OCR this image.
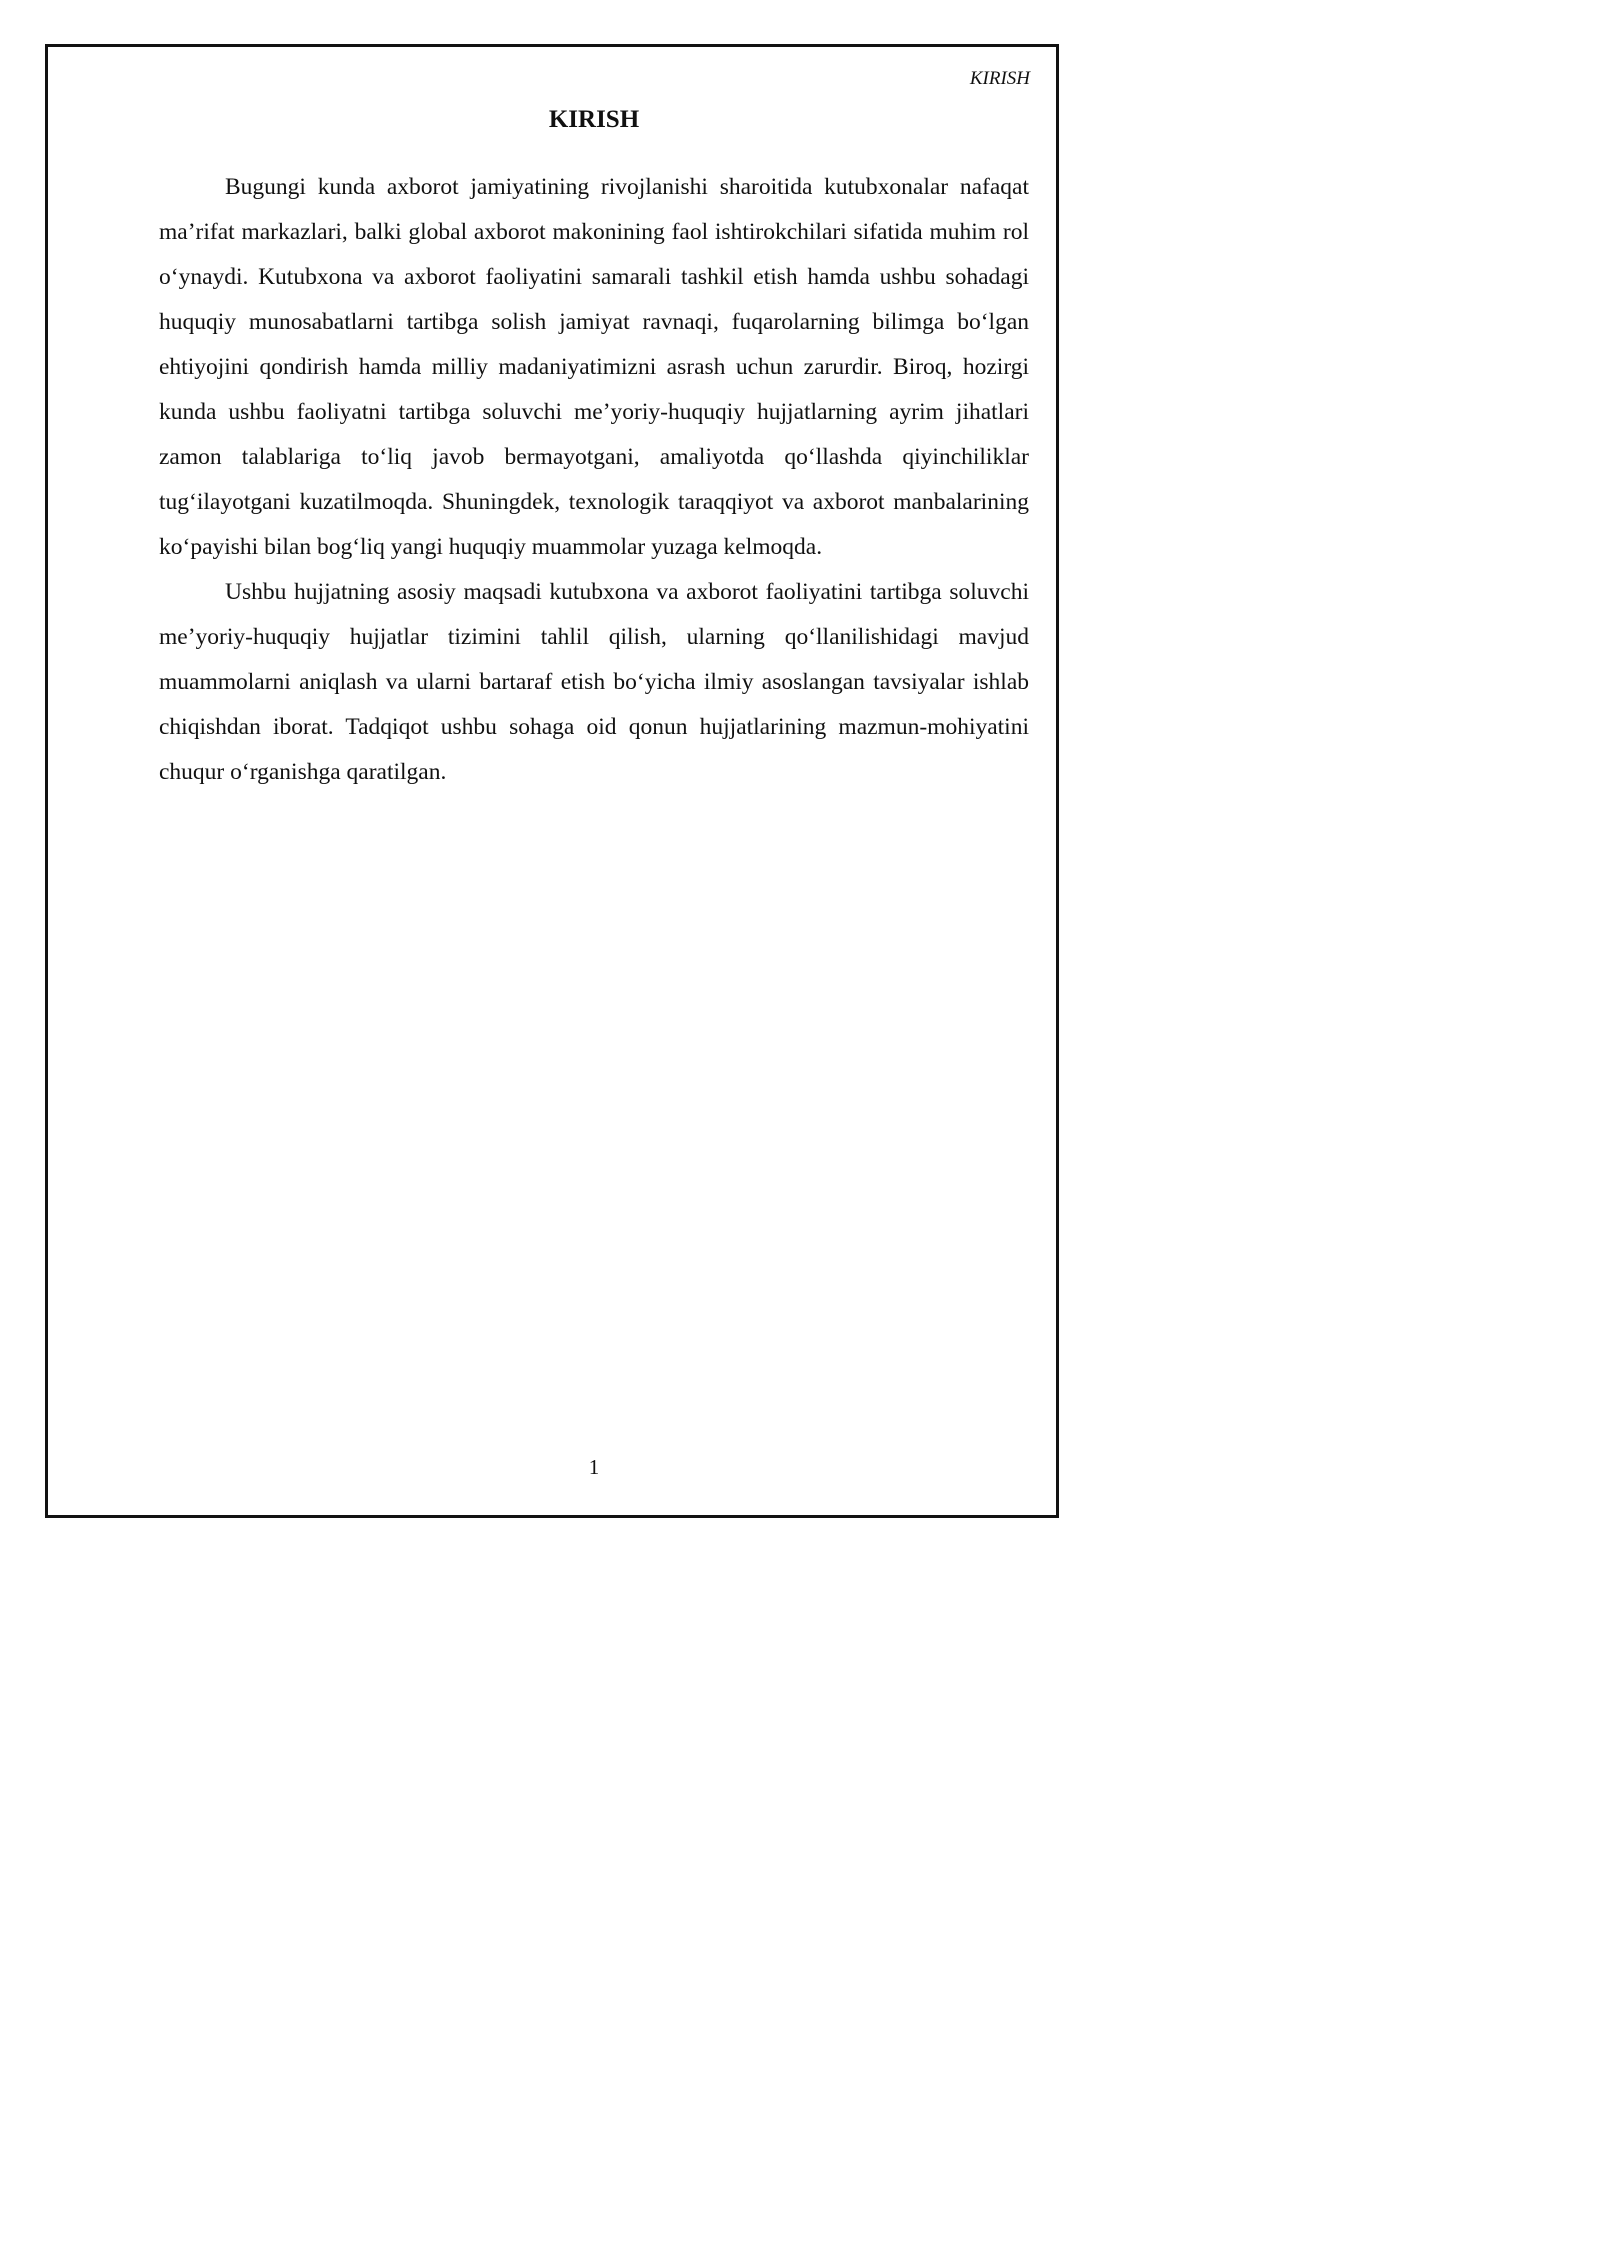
KIRISH
KIRISH

Bugungi kunda axborot jamiyatining rivojlanishi sharoitida kutubxonalar nafaqat ma’rifat markazlari, balki global axborot makonining faol ishtirokchilari sifatida muhim rol o‘ynaydi. Kutubxona va axborot faoliyatini samarali tashkil etish hamda ushbu sohadagi huquqiy munosabatlarni tartibga solish jamiyat ravnaqi, fuqarolarning bilimga bo‘lgan ehtiyojini qondirish hamda milliy madaniyatimizni asrash uchun zarurdir. Biroq, hozirgi kunda ushbu faoliyatni tartibga soluvchi me’yoriy-huquqiy hujjatlarning ayrim jihatlari zamon talablariga to‘liq javob bermayotgani, amaliyotda qo‘llashda qiyinchiliklar tug‘ilayotgani kuzatilmoqda. Shuningdek, texnologik taraqqiyot va axborot manbalarining ko‘payishi bilan bog‘liq yangi huquqiy muammolar yuzaga kelmoqda.

Ushbu hujjatning asosiy maqsadi kutubxona va axborot faoliyatini tartibga soluvchi me’yoriy-huquqiy hujjatlar tizimini tahlil qilish, ularning qo‘llanilishidagi mavjud muammolarni aniqlash va ularni bartaraf etish bo‘yicha ilmiy asoslangan tavsiyalar ishlab chiqishdan iborat. Tadqiqot ushbu sohaga oid qonun hujjatlarining mazmun-mohiyatini chuqur o‘rganishga qaratilgan.

1
